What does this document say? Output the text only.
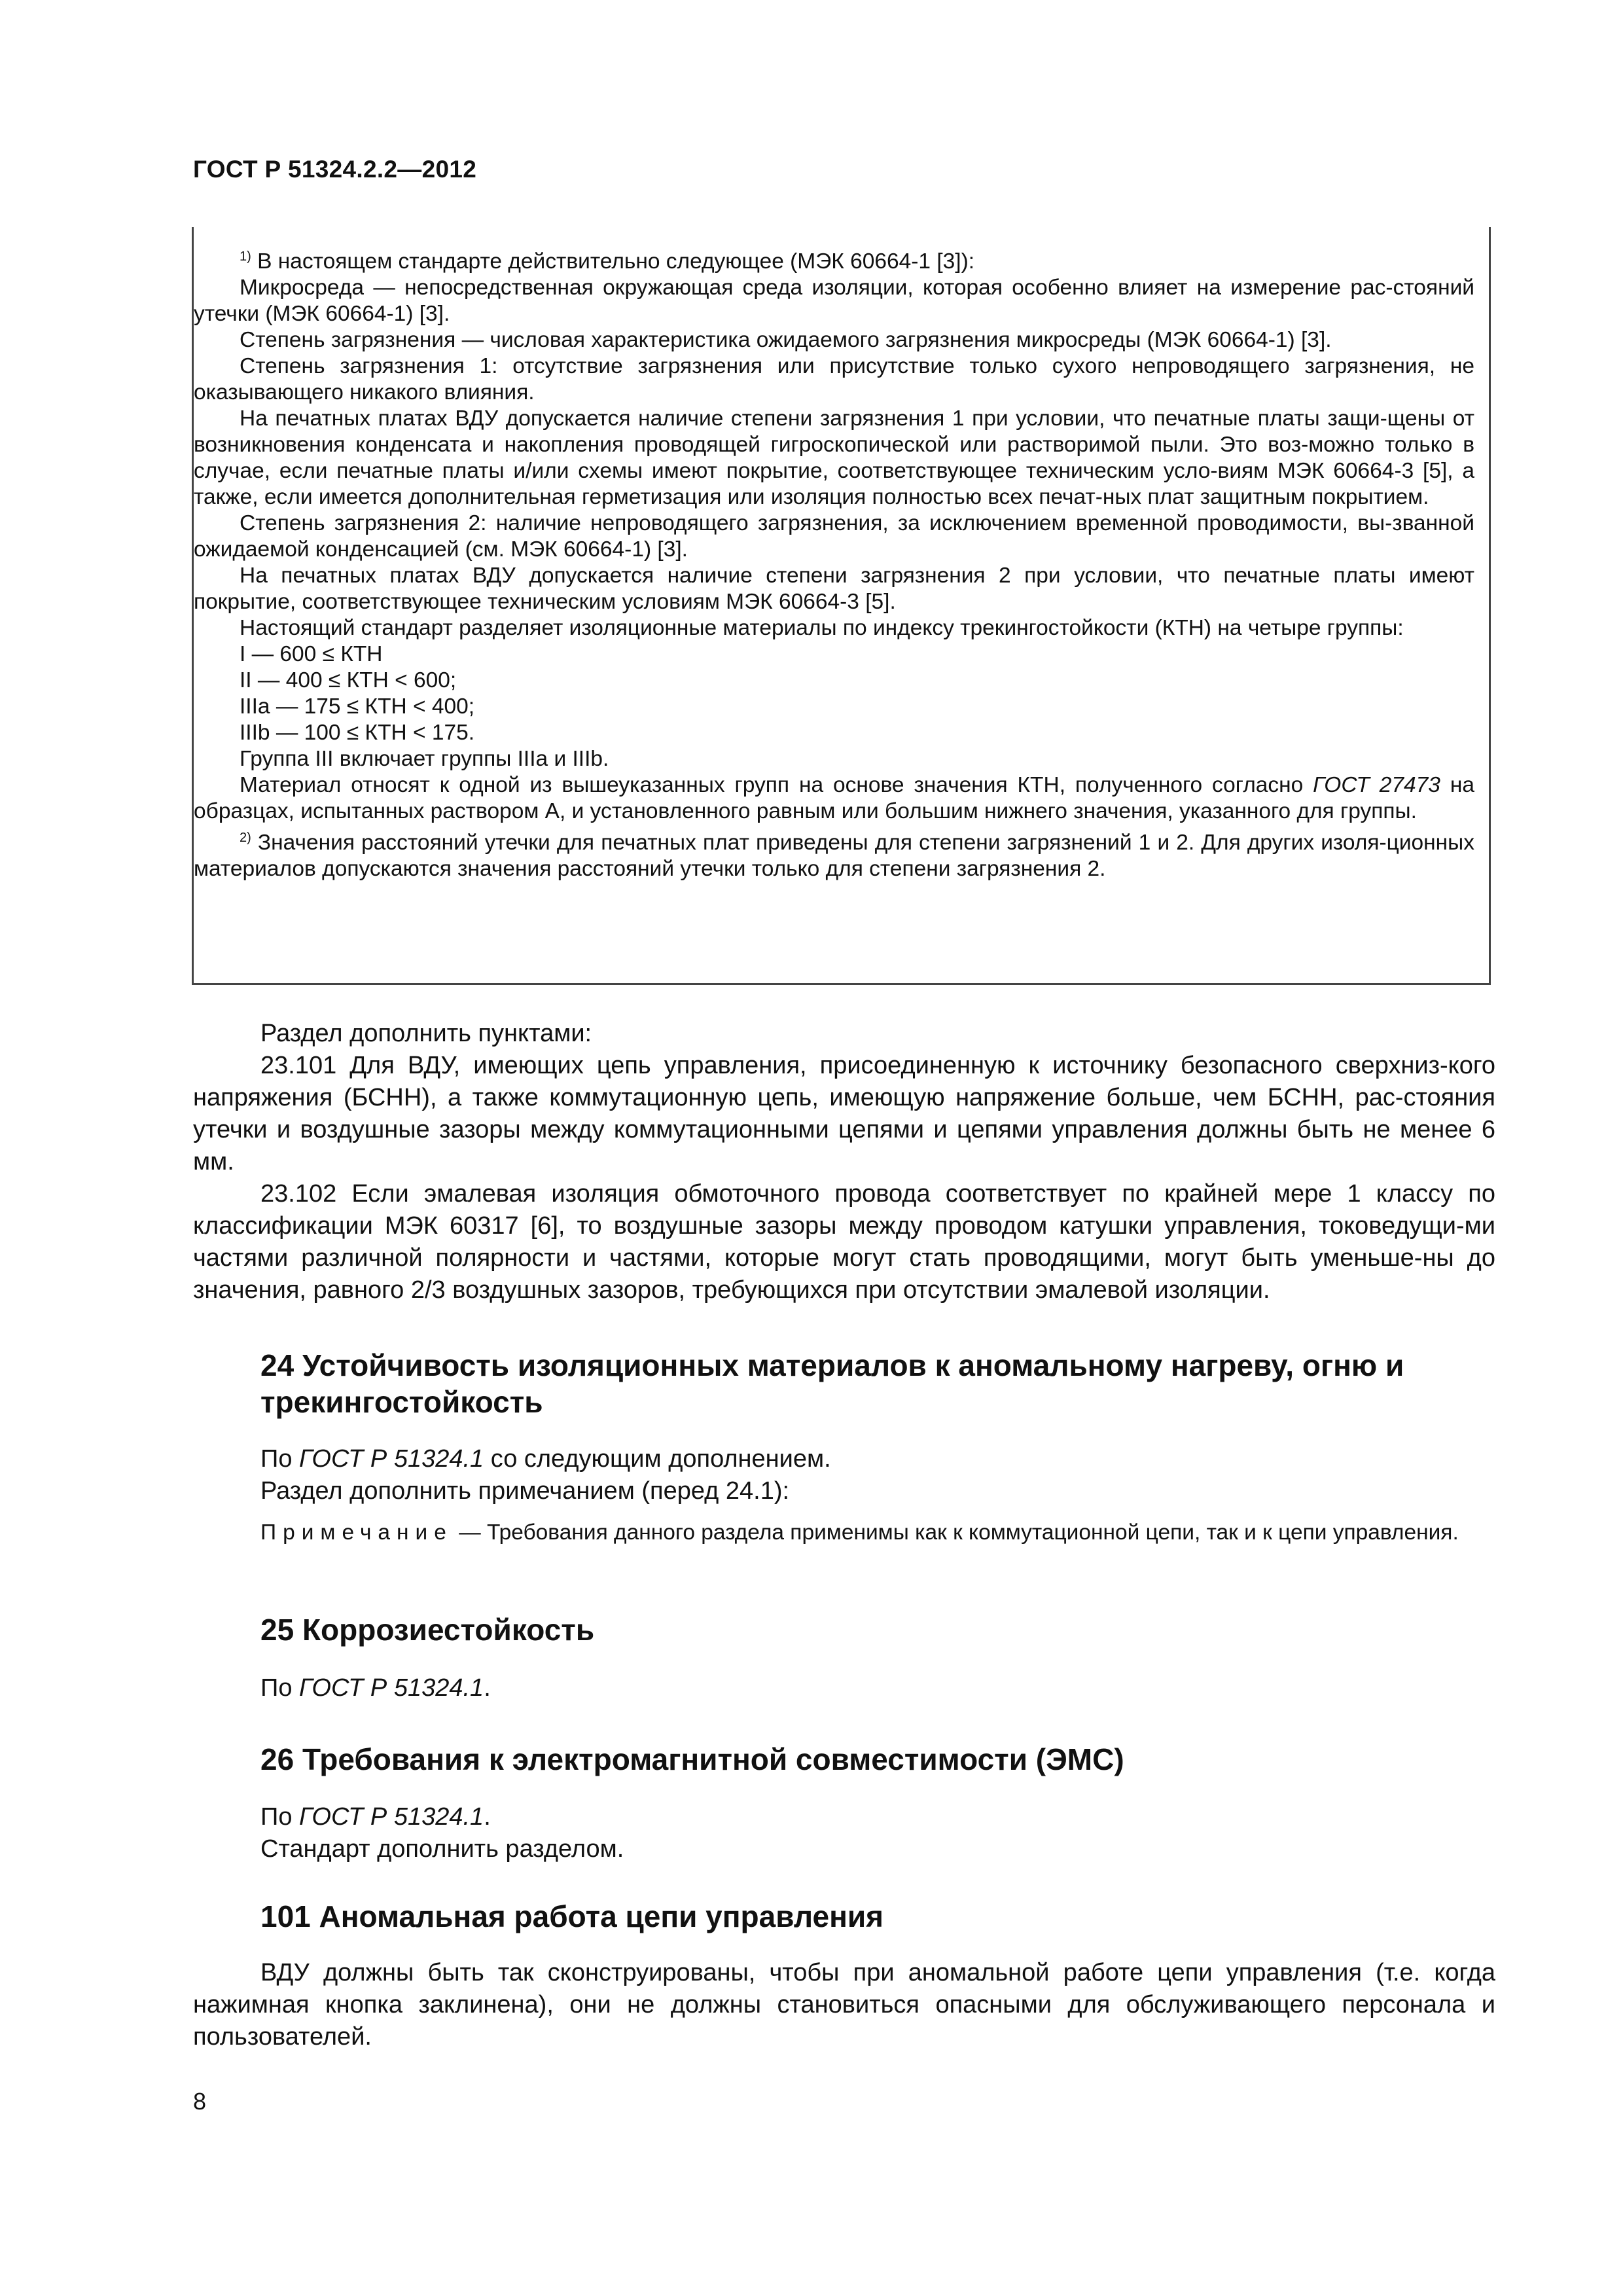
ГОСТ Р 51324.2.2—2012

$^{1)}$ В настоящем стандарте действительно следующее (МЭК 60664-1 [3]):

Микросреда — непосредственная окружающая среда изоляции, которая особенно влияет на измерение рас-стояний утечки (МЭК 60664-1) [3].

Степень загрязнения — числовая характеристика ожидаемого загрязнения микросреды (МЭК 60664-1) [3].

Степень загрязнения 1: отсутствие загрязнения или присутствие только сухого непроводящего загрязнения, не оказывающего никакого влияния.

На печатных платах ВДУ допускается наличие степени загрязнения 1 при условии, что печатные платы защи-щены от возникновения конденсата и накопления проводящей гигроскопической или растворимой пыли. Это воз-можно только в случае, если печатные платы и/или схемы имеют покрытие, соответствующее техническим усло-виям МЭК 60664-3 [5], а также, если имеется дополнительная герметизация или изоляция полностью всех печат-ных плат защитным покрытием.

Степень загрязнения 2: наличие непроводящего загрязнения, за исключением временной проводимости, вы-званной ожидаемой конденсацией (см. МЭК 60664-1) [3].

На печатных платах ВДУ допускается наличие степени загрязнения 2 при условии, что печатные платы имеют покрытие, соответствующее техническим условиям МЭК 60664-3 [5].

Настоящий стандарт разделяет изоляционные материалы по индексу трекингостойкости (КТН) на четыре группы:

I — 600 ≤ КТН

II — 400 ≤ КТН < 600;

IIIa — 175 ≤ КТН < 400;

IIIb — 100 ≤ КТН < 175.

Группа III включает группы IIIa и IIIb.

Материал относят к одной из вышеуказанных групп на основе значения КТН, полученного согласно ГОСТ 27473 на образцах, испытанных раствором А, и установленного равным или большим нижнего значения, указанного для группы.

$^{2)}$ Значения расстояний утечки для печатных плат приведены для степени загрязнений 1 и 2. Для других изоля-ционных материалов допускаются значения расстояний утечки только для степени загрязнения 2.

Раздел дополнить пунктами:

23.101 Для ВДУ, имеющих цепь управления, присоединенную к источнику безопасного сверхниз-кого напряжения (БСНН), а также коммутационную цепь, имеющую напряжение больше, чем БСНН, рас-стояния утечки и воздушные зазоры между коммутационными цепями и цепями управления должны быть не менее 6 мм.

23.102 Если эмалевая изоляция обмоточного провода соответствует по крайней мере 1 классу по классификации МЭК 60317 [6], то воздушные зазоры между проводом катушки управления, токоведущи-ми частями различной полярности и частями, которые могут стать проводящими, могут быть уменьше-ны до значения, равного 2/3 воздушных зазоров, требующихся при отсутствии эмалевой изоляции.

24 Устойчивость изоляционных материалов к аномальному нагреву, огню и трекингостойкость

По ГОСТ Р 51324.1 со следующим дополнением.

Раздел дополнить примечанием (перед 24.1):

Примечание — Требования данного раздела применимы как к коммутационной цепи, так и к цепи управления.

25 Коррозиестойкость

По ГОСТ Р 51324.1.

26 Требования к электромагнитной совместимости (ЭМС)

По ГОСТ Р 51324.1.

Стандарт дополнить разделом.

101 Аномальная работа цепи управления

ВДУ должны быть так сконструированы, чтобы при аномальной работе цепи управления (т.е. когда нажимная кнопка заклинена), они не должны становиться опасными для обслуживающего персонала и пользователей.

8
